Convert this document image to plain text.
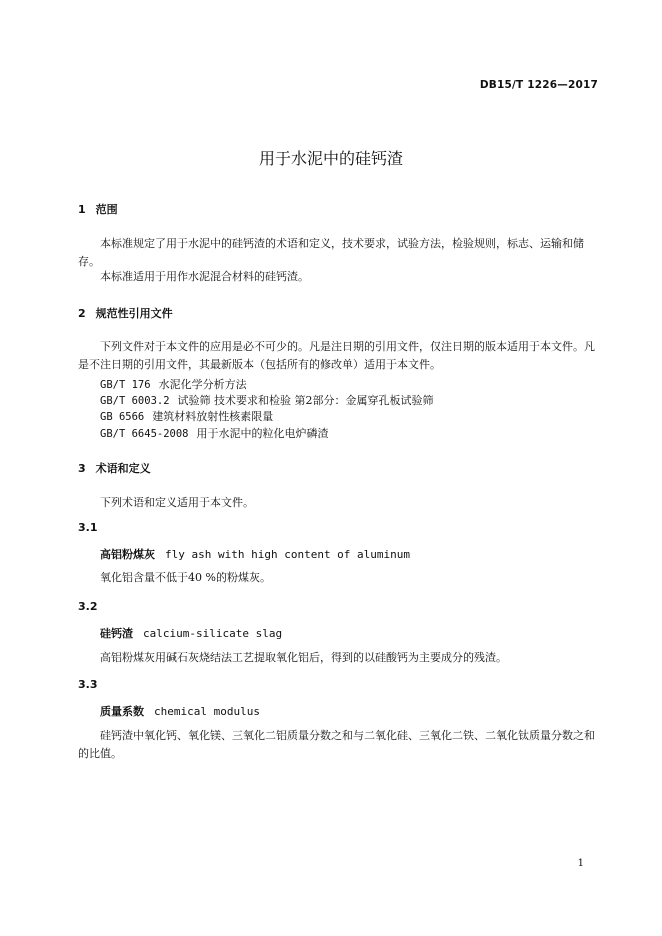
DB15/T 1226—2017
用于水泥中的硅钙渣
1 范围
本标准规定了用于水泥中的硅钙渣的术语和定义，技术要求，试验方法，检验规则，标志、运输和储存。
本标准适用于用作水泥混合材料的硅钙渣。
2 规范性引用文件
下列文件对于本文件的应用是必不可少的。凡是注日期的引用文件，仅注日期的版本适用于本文件。凡是不注日期的引用文件，其最新版本（包括所有的修改单）适用于本文件。
GB/T 176 水泥化学分析方法
GB/T 6003.2 试验筛 技术要求和检验 第2部分：金属穿孔板试验筛
GB 6566 建筑材料放射性核素限量
GB/T 6645-2008 用于水泥中的粒化电炉磷渣
3 术语和定义
下列术语和定义适用于本文件。
3.1
高铝粉煤灰 fly ash with high content of aluminum
氧化铝含量不低于40 %的粉煤灰。
3.2
硅钙渣 calcium-silicate slag
高铝粉煤灰用碱石灰烧结法工艺提取氧化铝后，得到的以硅酸钙为主要成分的残渣。
3.3
质量系数 chemical modulus
硅钙渣中氧化钙、氧化镁、三氧化二铝质量分数之和与二氧化硅、三氧化二铁、二氧化钛质量分数之和的比值。
1
